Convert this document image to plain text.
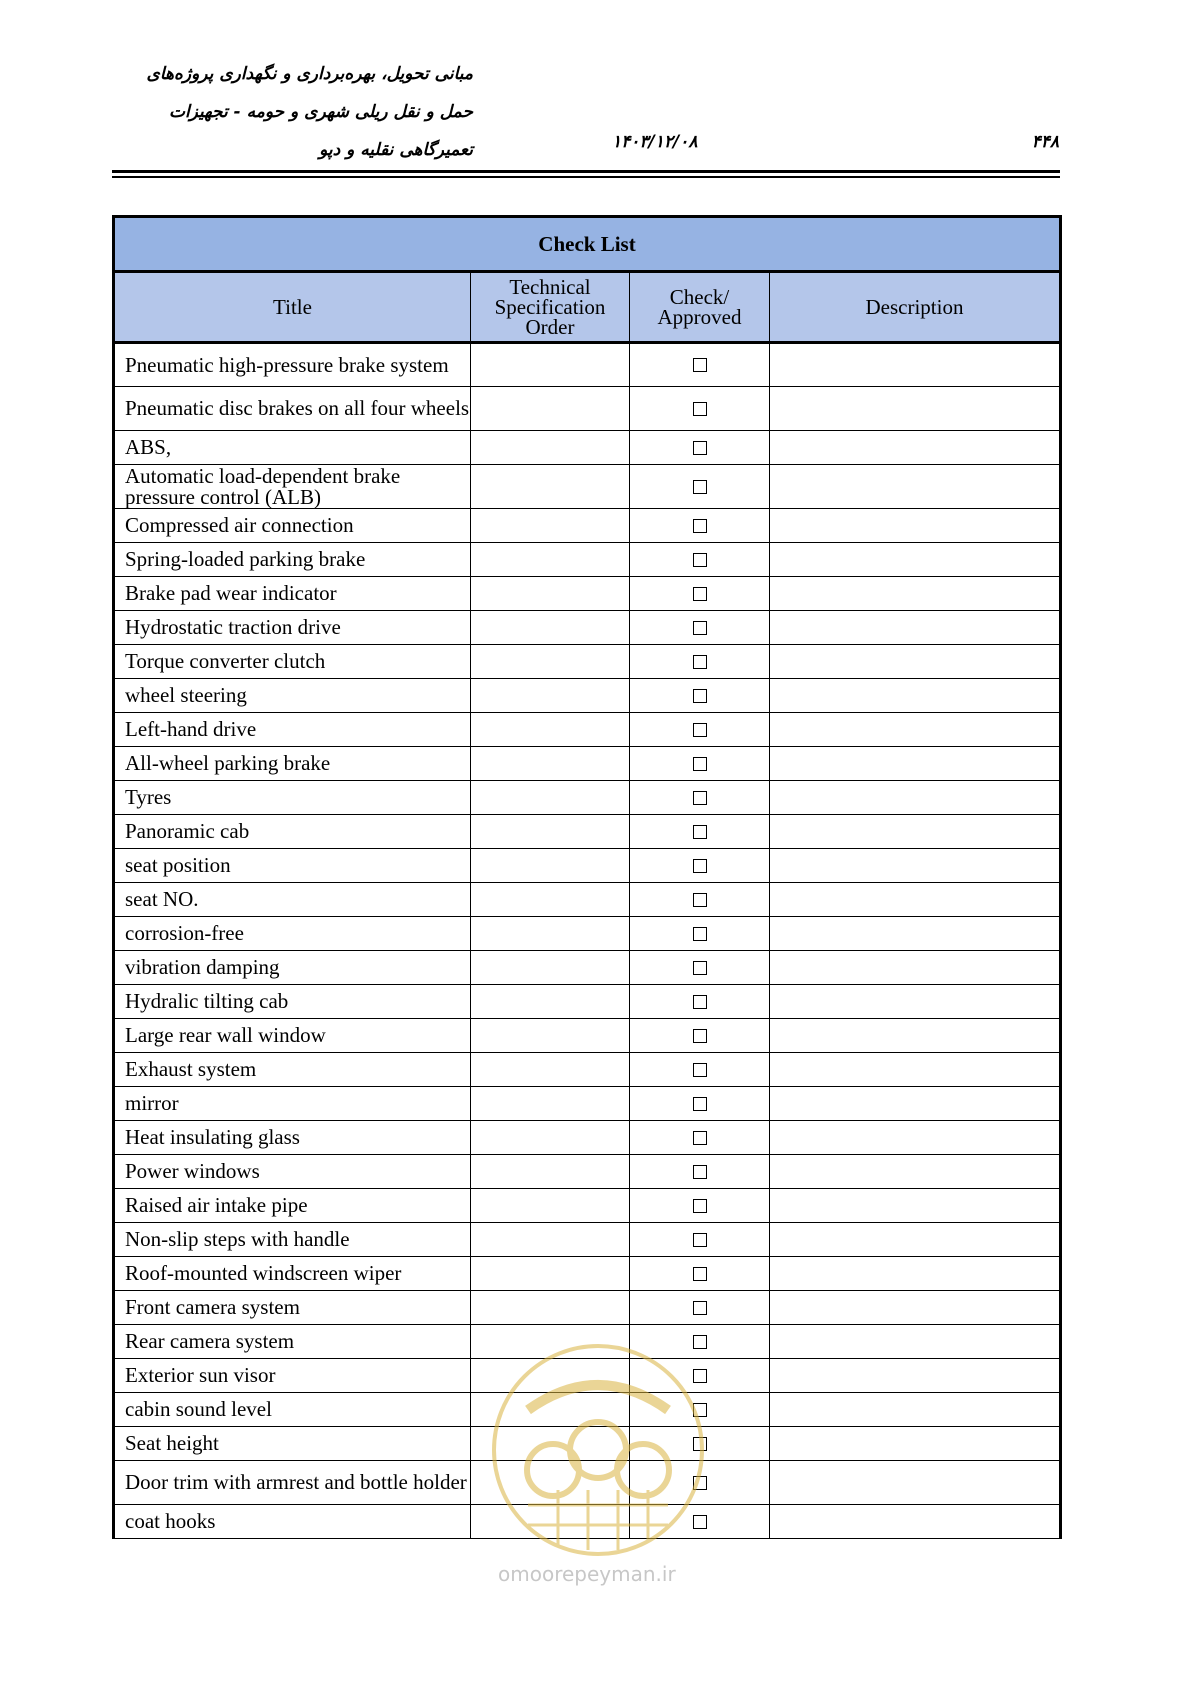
مبانی تحویل، بهره‌برداری و نگهداری پروژه‌های
حمل و نقل ریلی شهری و حومه - تجهیزات
تعمیرگاهی نقلیه و دپو	۱۴۰۳/۱۲/۰۸	۴۴۸
Check List			
Title	Technical Specification Order	Check/ Approved	Description
Pneumatic high-pressure brake system			
Pneumatic disc brakes on all four wheels			
ABS,			
Automatic load-dependent brake pressure control (ALB)			
Compressed air connection			
Spring-loaded parking brake			
Brake pad wear indicator			
Hydrostatic traction drive			
Torque converter clutch			
wheel steering			
Left-hand drive			
All-wheel parking brake			
Tyres			
Panoramic cab			
seat position			
seat NO.			
corrosion-free			
vibration damping			
Hydralic tilting cab			
Large rear wall window			
Exhaust system			
mirror			
Heat insulating glass			
Power windows			
Raised air intake pipe			
Non-slip steps with handle			
Roof-mounted windscreen wiper			
Front camera system			
Rear camera system			
Exterior sun visor			
cabin sound level			
Seat height			
Door trim with armrest and bottle holder			
coat hooks			
omoorepeyman.ir
